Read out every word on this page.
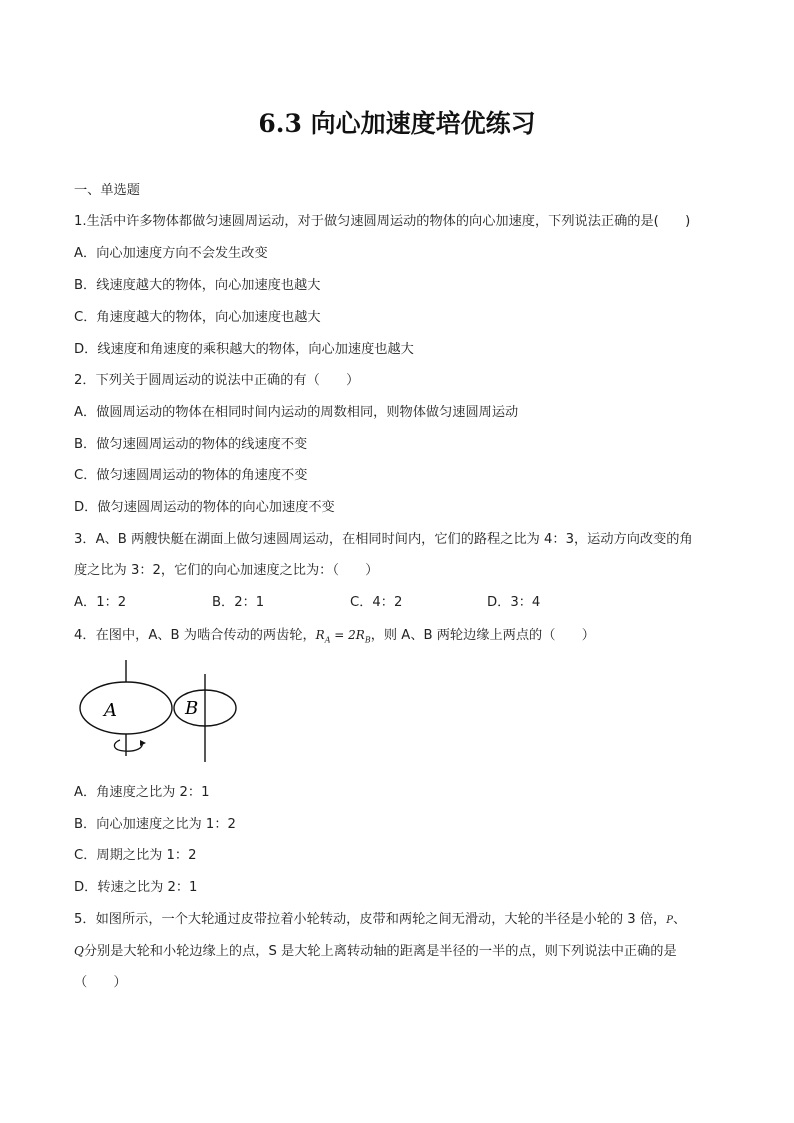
6.3 向心加速度培优练习
一、单选题
1.生活中许多物体都做匀速圆周运动，对于做匀速圆周运动的物体的向心加速度，下列说法正确的是(　　)
A．向心加速度方向不会发生改变
B．线速度越大的物体，向心加速度也越大
C．角速度越大的物体，向心加速度也越大
D．线速度和角速度的乘积越大的物体，向心加速度也越大
2．下列关于圆周运动的说法中正确的有（　　）
A．做圆周运动的物体在相同时间内运动的周数相同，则物体做匀速圆周运动
B．做匀速圆周运动的物体的线速度不变
C．做匀速圆周运动的物体的角速度不变
D．做匀速圆周运动的物体的向心加速度不变
3．A、B 两艘快艇在湖面上做匀速圆周运动，在相同时间内，它们的路程之比为 4：3，运动方向改变的角
度之比为 3：2，它们的向心加速度之比为：（　　）
A．1：2	B．2：1	C．4：2	D．3：4
4．在图中，A、B 为啮合传动的两齿轮，$R_A = 2R_B$，则 A、B 两轮边缘上两点的（　　）
A	B
A．角速度之比为 2：1
B．向心加速度之比为 1：2
C．周期之比为 1：2
D．转速之比为 2：1
5．如图所示，一个大轮通过皮带拉着小轮转动，皮带和两轮之间无滑动，大轮的半径是小轮的 3 倍，P、
Q分别是大轮和小轮边缘上的点，S 是大轮上离转动轴的距离是半径的一半的点，则下列说法中正确的是
（　　）
